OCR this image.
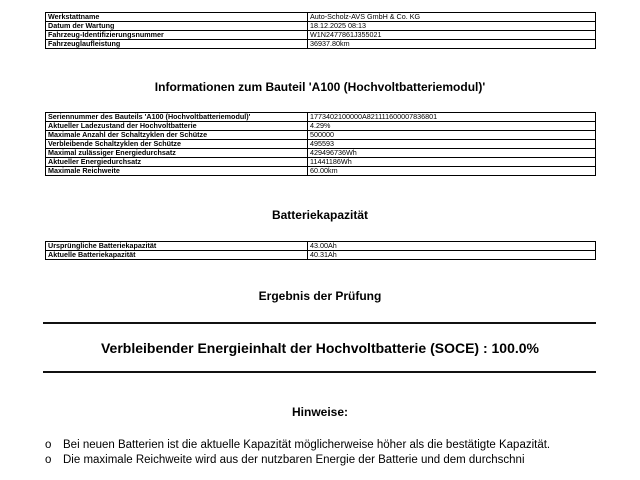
Werkstattname	Auto-Scholz-AVS GmbH & Co. KG
Datum der Wartung	18.12.2025 08:13
Fahrzeug-Identifizierungsnummer	W1N2477861J355021
Fahrzeuglaufleistung	36937.80km
Informationen zum Bauteil 'A100 (Hochvoltbatteriemodul)'
Seriennummer des Bauteils 'A100 (Hochvoltbatteriemodul)'	1773402100000A821111600007836801
Aktueller Ladezustand der Hochvoltbatterie	4.29%
Maximale Anzahl der Schaltzyklen der Schütze	500000
Verbleibende Schaltzyklen der Schütze	495593
Maximal zulässiger Energiedurchsatz	429496736Wh
Aktueller Energiedurchsatz	11441186Wh
Maximale Reichweite	60.00km
Batteriekapazität
Ursprüngliche Batteriekapazität	43.00Ah
Aktuelle Batteriekapazität	40.31Ah
Ergebnis der Prüfung
Verbleibender Energieinhalt der Hochvoltbatterie (SOCE) : 100.0%
Hinweise:
o Bei neuen Batterien ist die aktuelle Kapazität möglicherweise höher als die bestätigte Kapazität.
o Die maximale Reichweite wird aus der nutzbaren Energie der Batterie und dem durchschni
